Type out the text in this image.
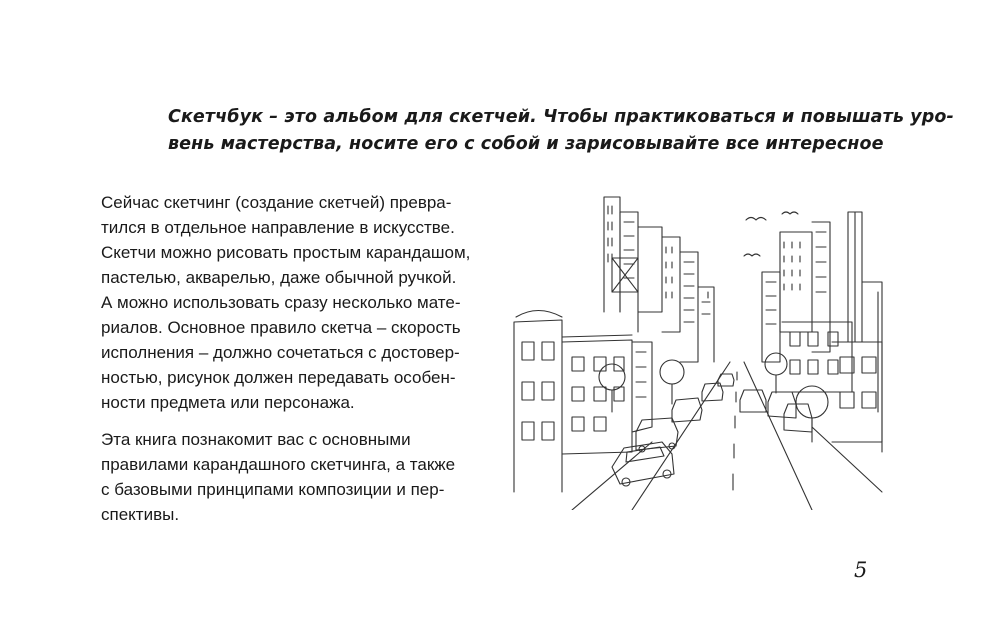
Скетчбук – это альбом для скетчей. Чтобы практиковаться и повышать уро-
вень мастерства, носите его с собой и зарисовывайте все интересное
Сейчас скетчинг (создание скетчей) превра-
тился в отдельное направление в искусстве.
Скетчи можно рисовать простым карандашом,
пастелью, акварелью, даже обычной ручкой.
А можно использовать сразу несколько мате-
риалов. Основное правило скетча – скорость
исполнения – должно сочетаться с достовер-
ностью, рисунок должен передавать особен-
ности предмета или персонажа.
Эта книга познакомит вас с основными
правилами карандашного скетчинга, а также
с базовыми принципами композиции и пер-
спективы.
5
